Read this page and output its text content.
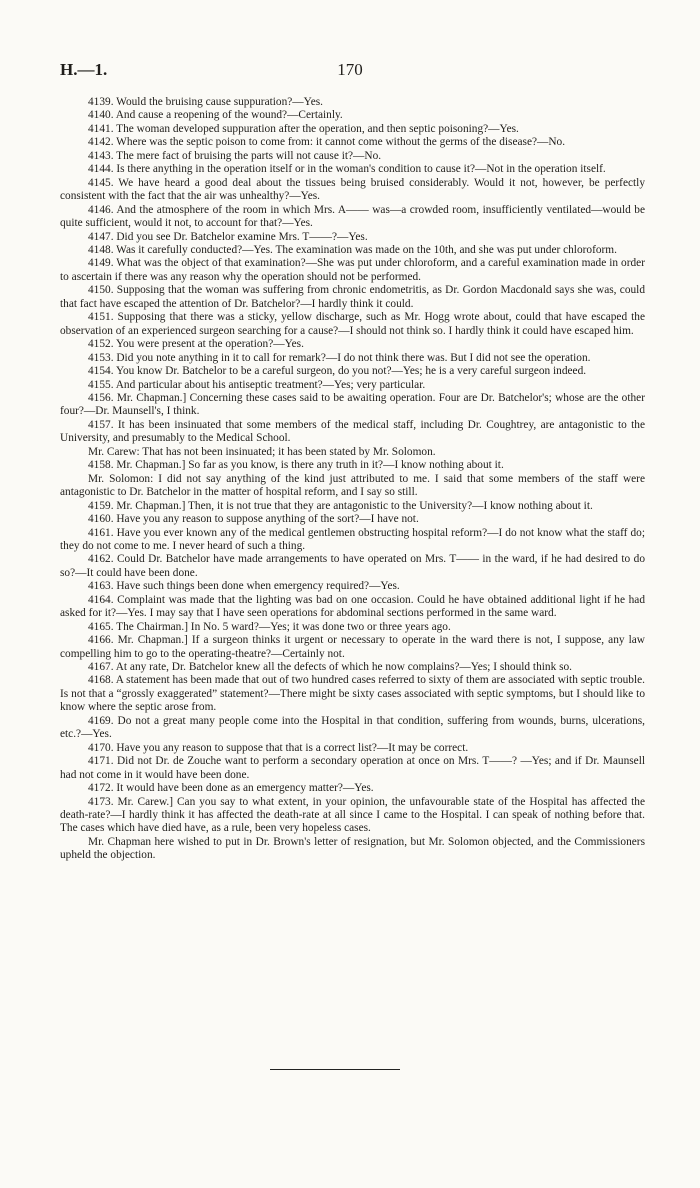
H.—1.	170

4139. Would the bruising cause suppuration?—Yes.

4140. And cause a reopening of the wound?—Certainly.

4141. The woman developed suppuration after the operation, and then septic poisoning?—Yes.

4142. Where was the septic poison to come from: it cannot come without the germs of the disease?—No.

4143. The mere fact of bruising the parts will not cause it?—No.

4144. Is there anything in the operation itself or in the woman's condition to cause it?—Not in the operation itself.

4145. We have heard a good deal about the tissues being bruised considerably. Would it not, however, be perfectly consistent with the fact that the air was unhealthy?—Yes.

4146. And the atmosphere of the room in which Mrs. A—— was—a crowded room, insufficiently ventilated—would be quite sufficient, would it not, to account for that?—Yes.

4147. Did you see Dr. Batchelor examine Mrs. T——?—Yes.

4148. Was it carefully conducted?—Yes. The examination was made on the 10th, and she was put under chloroform.

4149. What was the object of that examination?—She was put under chloroform, and a careful examination made in order to ascertain if there was any reason why the operation should not be performed.

4150. Supposing that the woman was suffering from chronic endometritis, as Dr. Gordon Macdonald says she was, could that fact have escaped the attention of Dr. Batchelor?—I hardly think it could.

4151. Supposing that there was a sticky, yellow discharge, such as Mr. Hogg wrote about, could that have escaped the observation of an experienced surgeon searching for a cause?—I should not think so. I hardly think it could have escaped him.

4152. You were present at the operation?—Yes.

4153. Did you note anything in it to call for remark?—I do not think there was. But I did not see the operation.

4154. You know Dr. Batchelor to be a careful surgeon, do you not?—Yes; he is a very careful surgeon indeed.

4155. And particular about his antiseptic treatment?—Yes; very particular.

4156. Mr. Chapman.] Concerning these cases said to be awaiting operation. Four are Dr. Batchelor's; whose are the other four?—Dr. Maunsell's, I think.

4157. It has been insinuated that some members of the medical staff, including Dr. Coughtrey, are antagonistic to the University, and presumably to the Medical School.

Mr. Carew: That has not been insinuated; it has been stated by Mr. Solomon.

4158. Mr. Chapman.] So far as you know, is there any truth in it?—I know nothing about it.

Mr. Solomon: I did not say anything of the kind just attributed to me. I said that some members of the staff were antagonistic to Dr. Batchelor in the matter of hospital reform, and I say so still.

4159. Mr. Chapman.] Then, it is not true that they are antagonistic to the University?—I know nothing about it.

4160. Have you any reason to suppose anything of the sort?—I have not.

4161. Have you ever known any of the medical gentlemen obstructing hospital reform?—I do not know what the staff do; they do not come to me. I never heard of such a thing.

4162. Could Dr. Batchelor have made arrangements to have operated on Mrs. T—— in the ward, if he had desired to do so?—It could have been done.

4163. Have such things been done when emergency required?—Yes.

4164. Complaint was made that the lighting was bad on one occasion. Could he have obtained additional light if he had asked for it?—Yes. I may say that I have seen operations for abdominal sections performed in the same ward.

4165. The Chairman.] In No. 5 ward?—Yes; it was done two or three years ago.

4166. Mr. Chapman.] If a surgeon thinks it urgent or necessary to operate in the ward there is not, I suppose, any law compelling him to go to the operating-theatre?—Certainly not.

4167. At any rate, Dr. Batchelor knew all the defects of which he now complains?—Yes; I should think so.

4168. A statement has been made that out of two hundred cases referred to sixty of them are associated with septic trouble. Is not that a “grossly exaggerated” statement?—There might be sixty cases associated with septic symptoms, but I should like to know where the septic arose from.

4169. Do not a great many people come into the Hospital in that condition, suffering from wounds, burns, ulcerations, etc.?—Yes.

4170. Have you any reason to suppose that that is a correct list?—It may be correct.

4171. Did not Dr. de Zouche want to perform a secondary operation at once on Mrs. T——? —Yes; and if Dr. Maunsell had not come in it would have been done.

4172. It would have been done as an emergency matter?—Yes.

4173. Mr. Carew.] Can you say to what extent, in your opinion, the unfavourable state of the Hospital has affected the death-rate?—I hardly think it has affected the death-rate at all since I came to the Hospital. I can speak of nothing before that. The cases which have died have, as a rule, been very hopeless cases.

Mr. Chapman here wished to put in Dr. Brown's letter of resignation, but Mr. Solomon objected, and the Commissioners upheld the objection.
